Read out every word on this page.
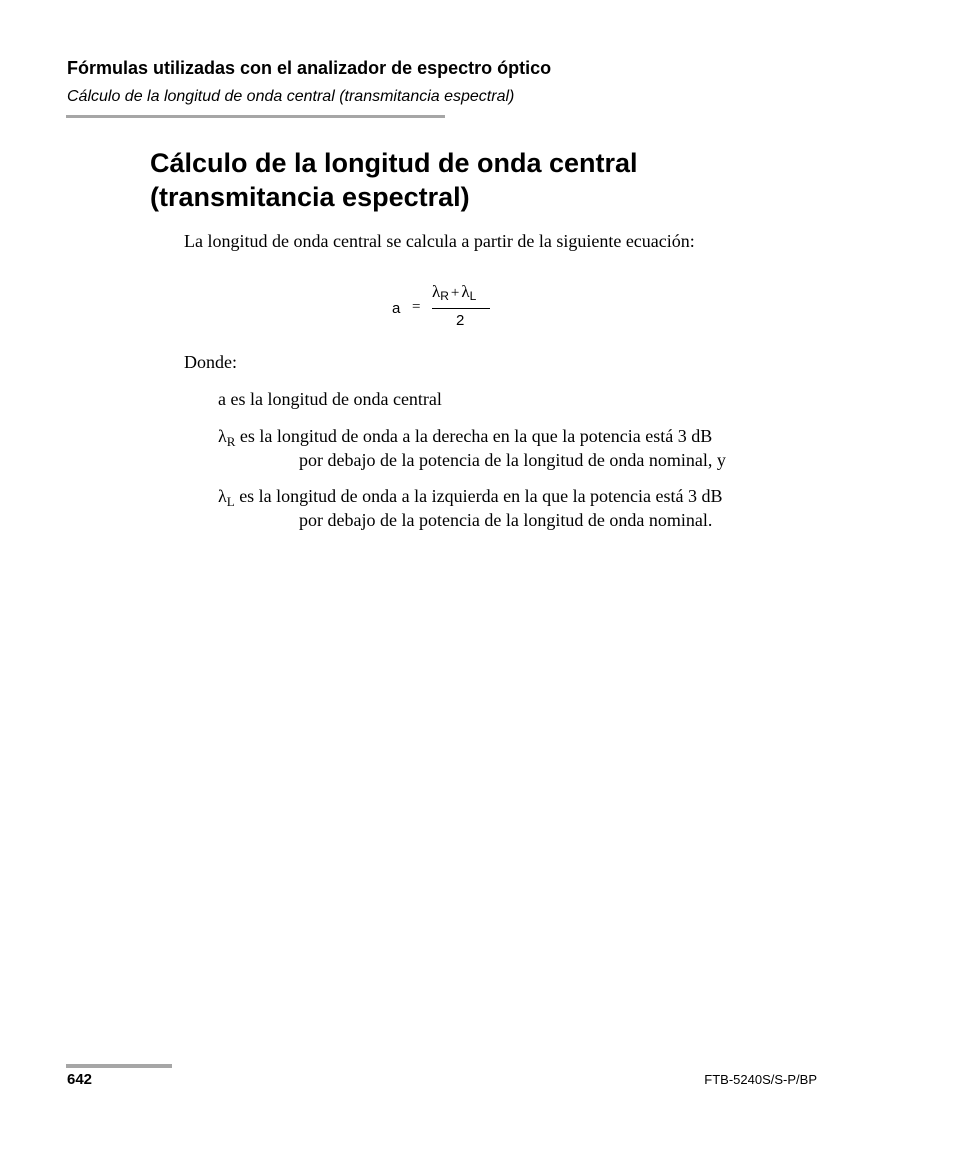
Fórmulas utilizadas con el analizador de espectro óptico
Cálculo de la longitud de onda central (transmitancia espectral)
Cálculo de la longitud de onda central
(transmitancia espectral)
La longitud de onda central se calcula a partir de la siguiente ecuación:
a =
$\lambda_R + \lambda_L$
2
Donde:
a es la longitud de onda central
$\lambda_R$ es la longitud de onda a la derecha en la que la potencia está 3 dB
por debajo de la potencia de la longitud de onda nominal, y
$\lambda_L$ es la longitud de onda a la izquierda en la que la potencia está 3 dB
por debajo de la potencia de la longitud de onda nominal.
642	FTB-5240S/S-P/BP
